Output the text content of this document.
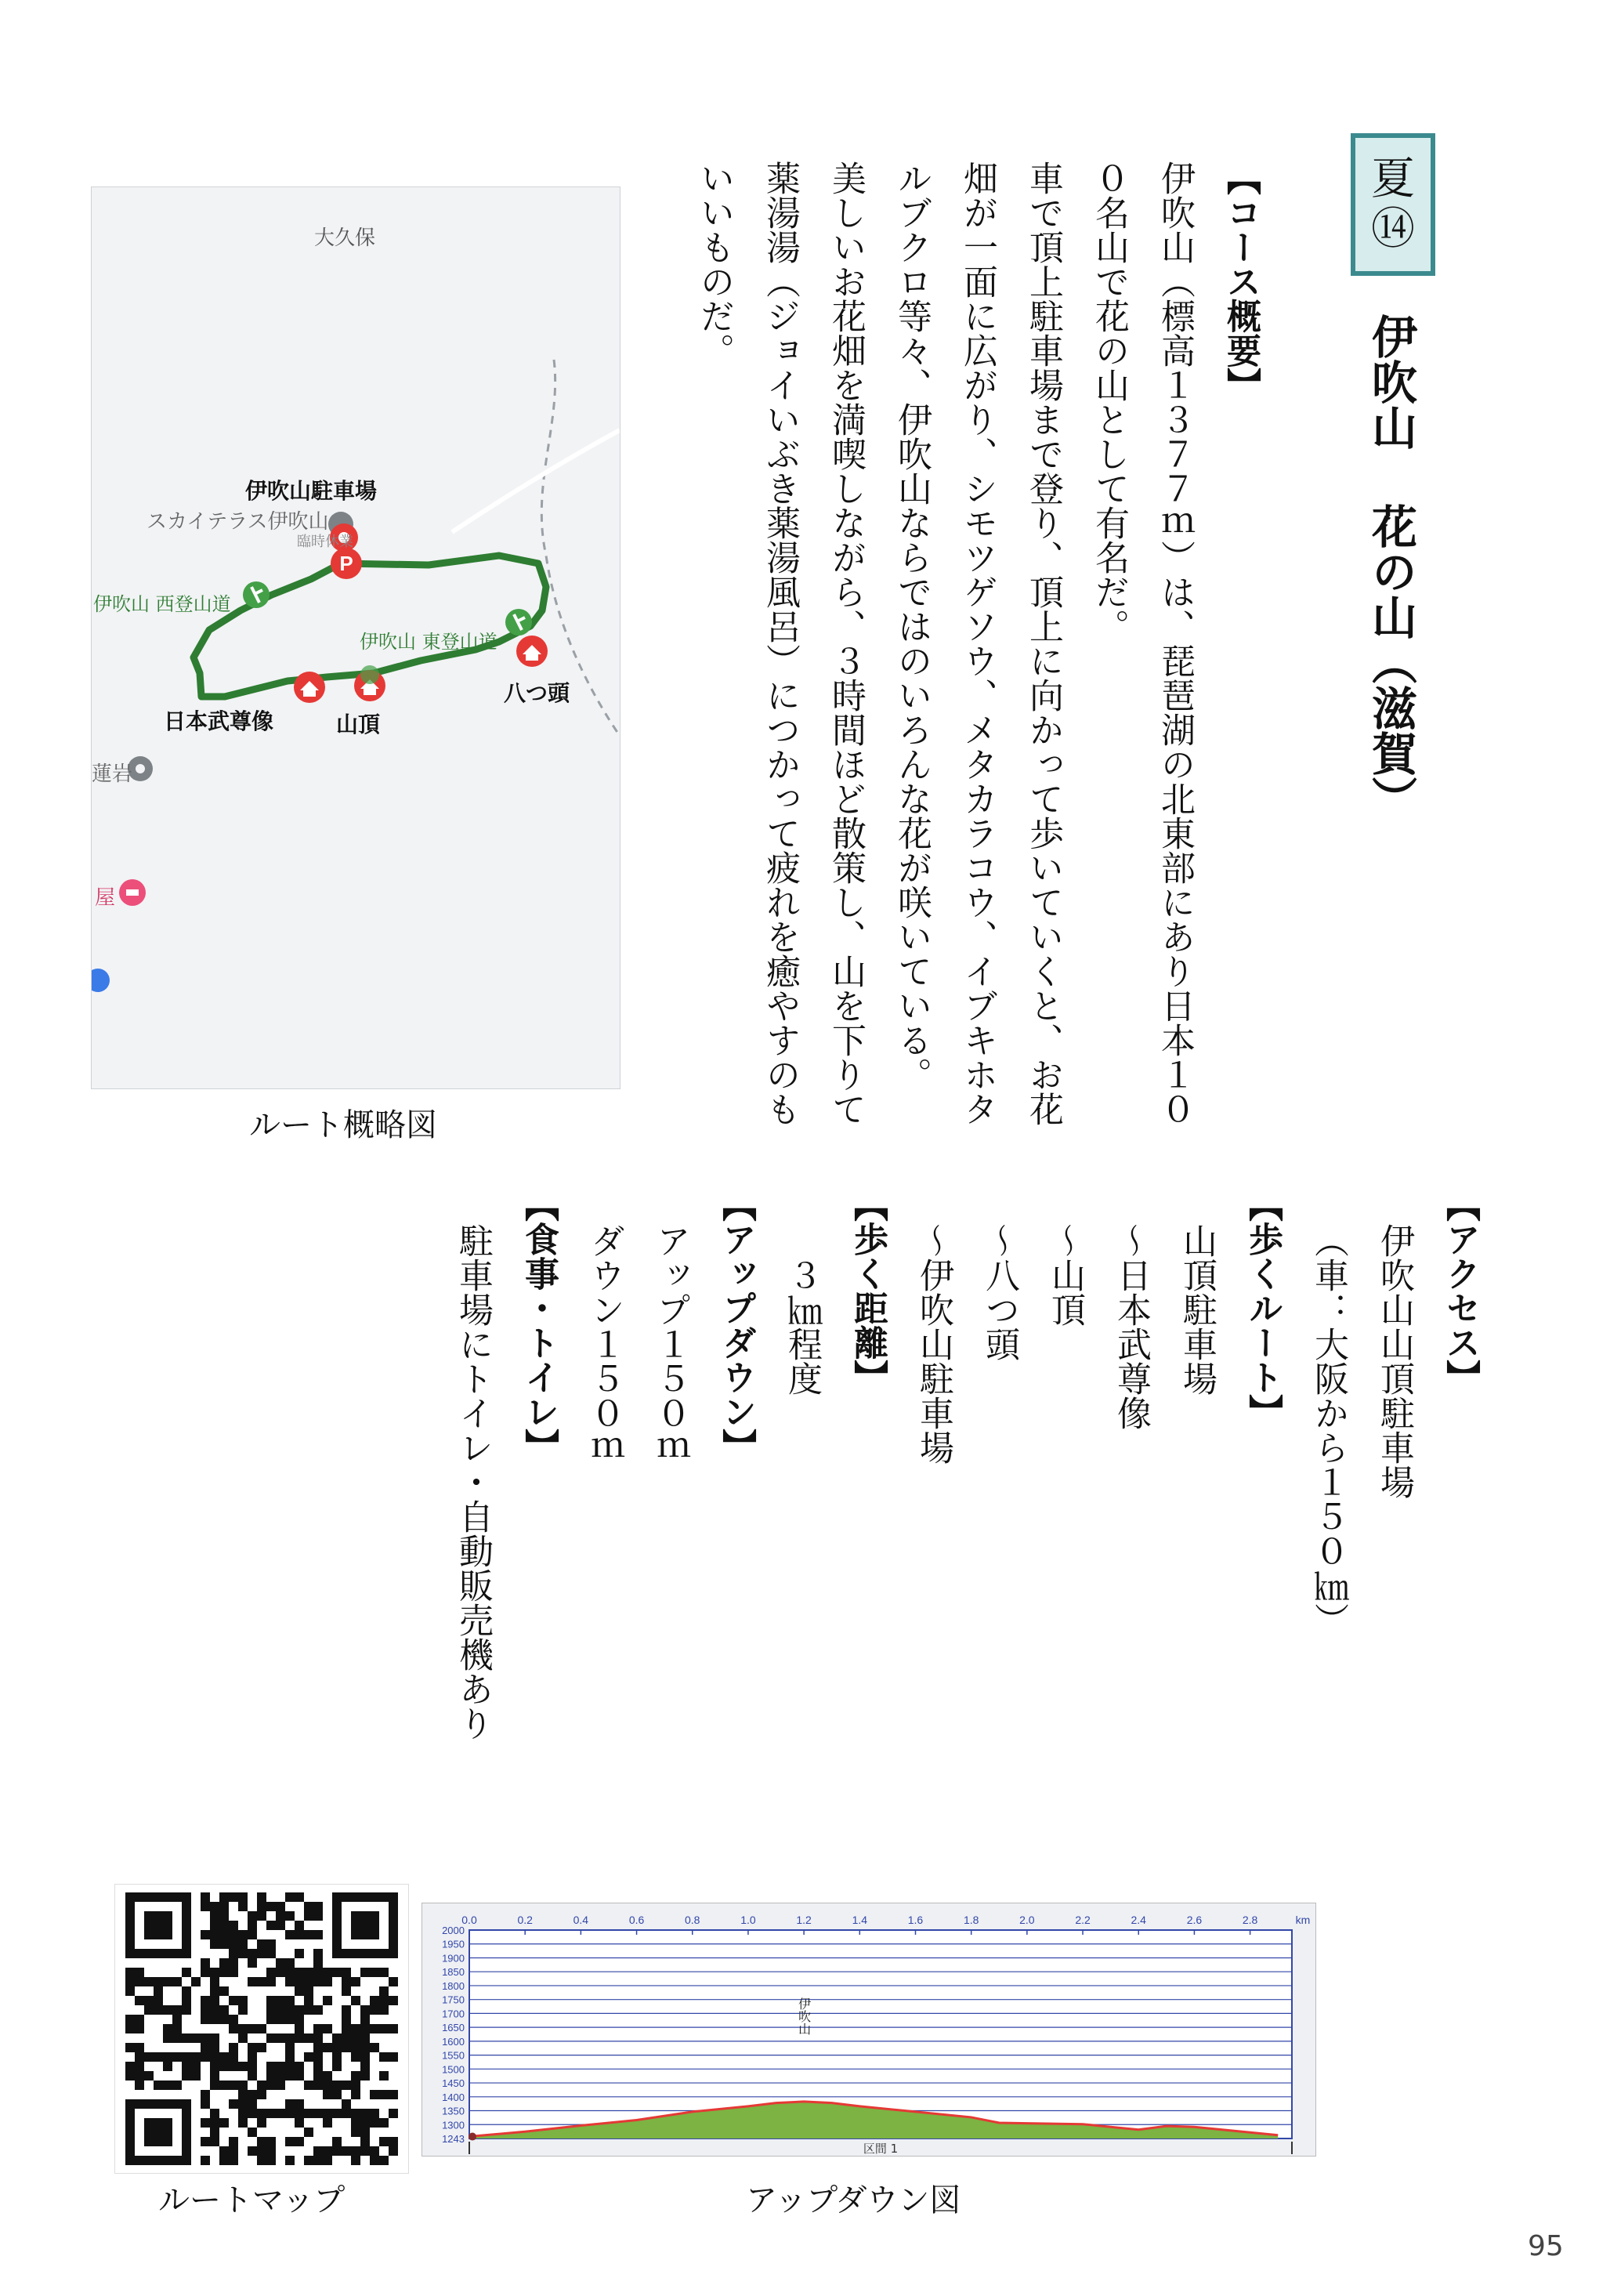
夏
⑭
伊吹山 花の山（滋賀）

【コース概要】

伊吹山（標高１３７７ｍ）は、琵琶湖の北東部にあり日本１００名山で花の山として有名だ。

車で頂上駐車場まで登り、頂上に向かって歩いていくと、お花畑が一面に広がり、シモツゲソウ、メタカラコウ、イブキホタルブクロ等々、伊吹山ならではのいろんな花が咲いている。

美しいお花畑を満喫しながら、３時間ほど散策し、山を下りて薬湯湯（ジョイいぶき薬湯風呂）につかって疲れを癒やすのもいいものだ。

【アクセス】

伊吹山山頂駐車場

（車：大阪から１５０㎞）

【歩くルート】

山頂駐車場

～日本武尊像

～山頂

～八つ頭

～伊吹山駐車場

【歩く距離】

３㎞程度

【アップダウン】

アップ１５０ｍ

ダウン１５０ｍ

【食事・トイレ】

駐車場にトイレ・自動販売機あり

P
大久保
伊吹山駐車場
スカイテラス伊吹山
臨時休業
伊吹山 西登山道
伊吹山 東登山道
八つ頭
日本武尊像	山頂
蓮岩
屋
ルート概略図
ルートマップ
2000
1950
1900
1850
1800
1750
1700
1650
1600
1550
1500
1450
1400
1350
1300
1243
0.0	0.2	0.4	0.6	0.8	1.0	1.2	1.4	1.6	1.8	2.0	2.2	2.4	2.6	2.8	km
伊吹山
区間 1
アップダウン図
95
